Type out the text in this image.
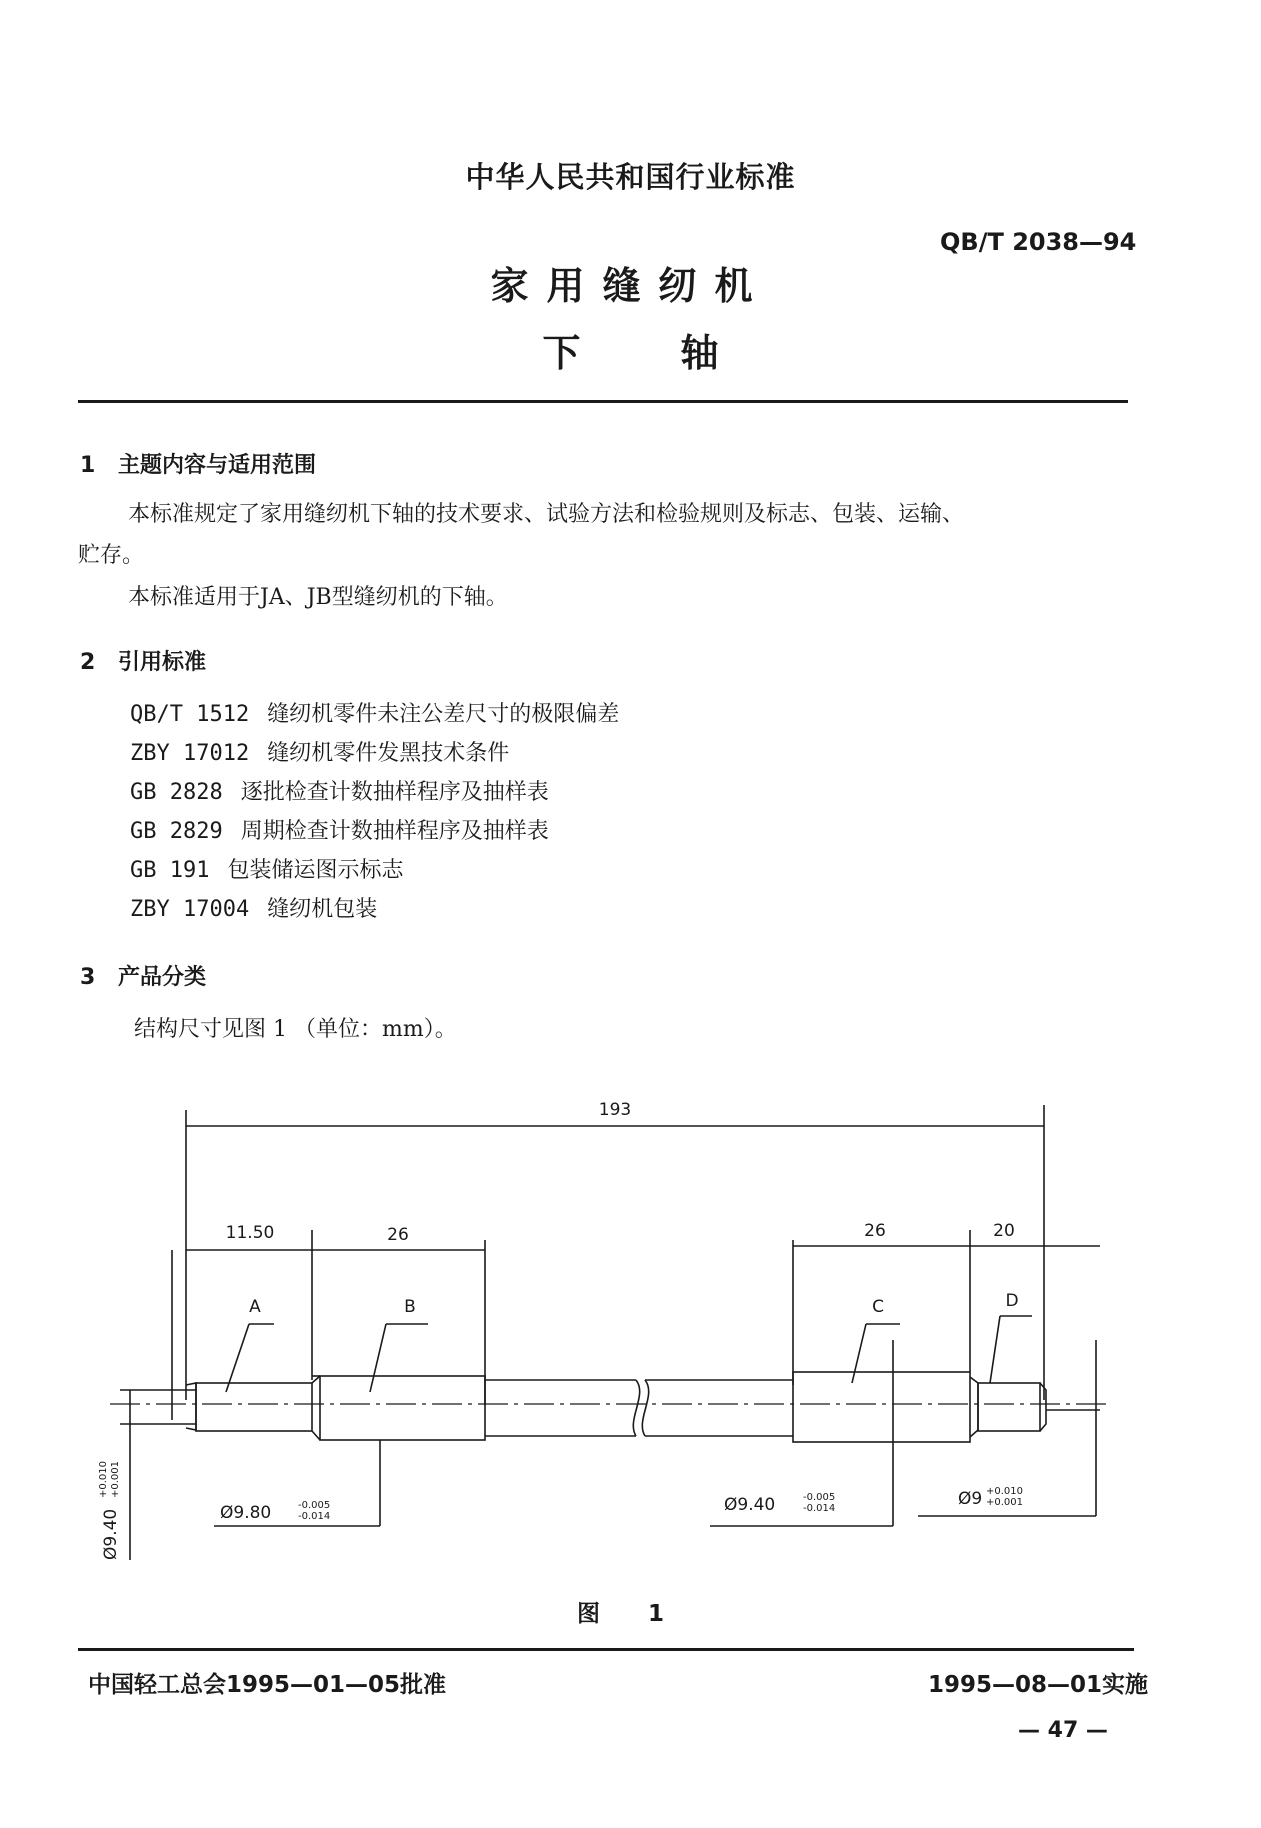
中华人民共和国行业标准
QB/T 2038—94
家用缝纫机
下轴
1 主题内容与适用范围
本标准规定了家用缝纫机下轴的技术要求、试验方法和检验规则及标志、包装、运输、
贮存。
本标准适用于JA、JB型缝纫机的下轴。
2 引用标准
QB/T 1512 缝纫机零件未注公差尺寸的极限偏差
ZBY 17012 缝纫机零件发黑技术条件
GB 2828 逐批检查计数抽样程序及抽样表
GB 2829 周期检查计数抽样程序及抽样表
GB 191 包装储运图示标志
ZBY 17004 缝纫机包装
3 产品分类
结构尺寸见图 1 （单位：mm）。
193
11.50	26	26	20
A	B	C	D
Ø9.80	-0.005
-0.014
Ø9.40	-0.005
-0.014	Ø9 +0.010
+0.001
Ø9.40
+0.010 +0.001
图 1
中国轻工总会1995—01—05批准	1995—08—01实施
— 47 —
